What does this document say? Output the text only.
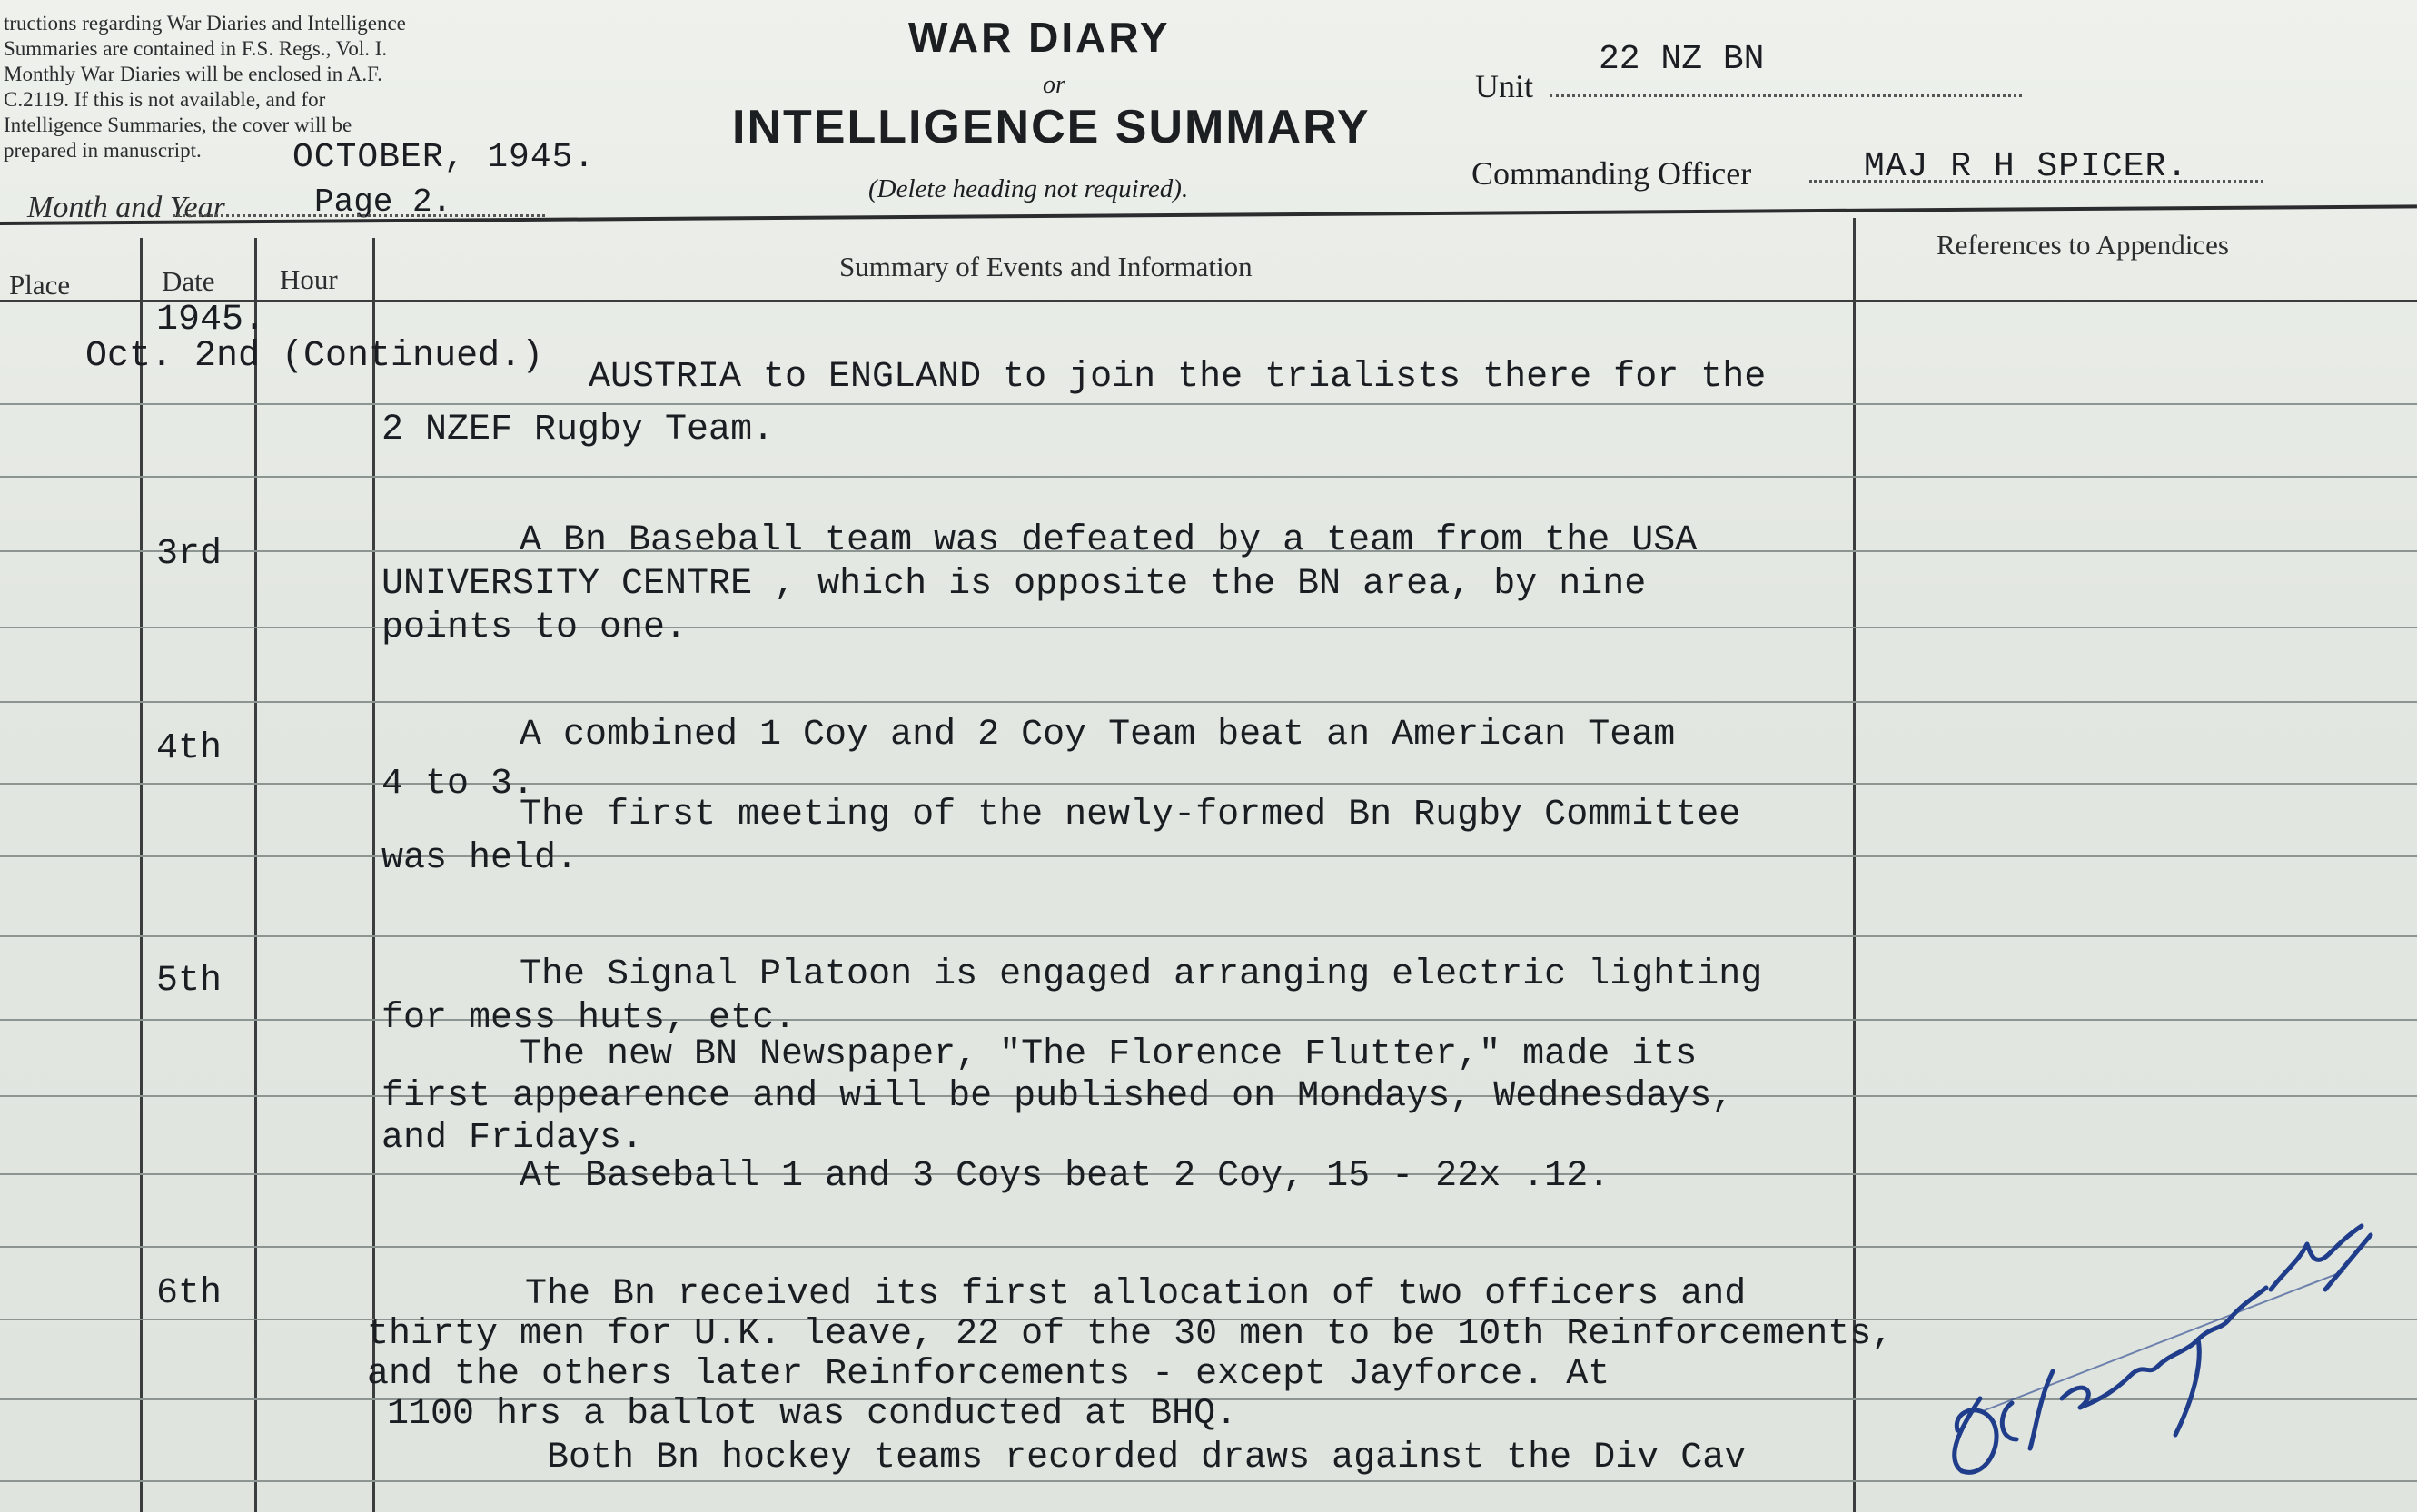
tructions regarding War Diaries and Intelligence
Summaries are contained in F.S. Regs., Vol. I.
Monthly War Diaries will be enclosed in A.F.
C.2119. If this is not available, and for
Intelligence Summaries, the cover will be
prepared in manuscript.	OCTOBER, 1945.
Page 2.
Month and Year
WAR DIARY
or
INTELLIGENCE SUMMARY
(Delete heading not required).
Unit
22 NZ BN
Commanding Officer	MAJ R H SPICER.
Place	Date Hour	Summary of Events and Information
References to Appendices
1945.
Oct. 2nd (Continued.)
AUSTRIA to ENGLAND to join the trialists there for the
2 NZEF Rugby Team.
3rd	A Bn Baseball team was defeated by a team from the USA
UNIVERSITY CENTRE , which is opposite the BN area, by nine
points to one.
4th	A combined 1 Coy and 2 Coy Team beat an American Team
4 to 3.
The first meeting of the newly-formed Bn Rugby Committee
was held.
5th	The Signal Platoon is engaged arranging electric lighting
for mess huts, etc.
The new BN Newspaper, "The Florence Flutter," made its
first appearence and will be published on Mondays, Wednesdays,
and Fridays.
At Baseball 1 and 3 Coys beat 2 Coy, 15 - 22x .12.
6th	The Bn received its first allocation of two officers and
thirty men for U.K. leave, 22 of the 30 men to be 10th Reinforcements,
and the others later Reinforcements - except Jayforce. At
1100 hrs a ballot was conducted at BHQ.
Both Bn hockey teams recorded draws against the Div Cav
